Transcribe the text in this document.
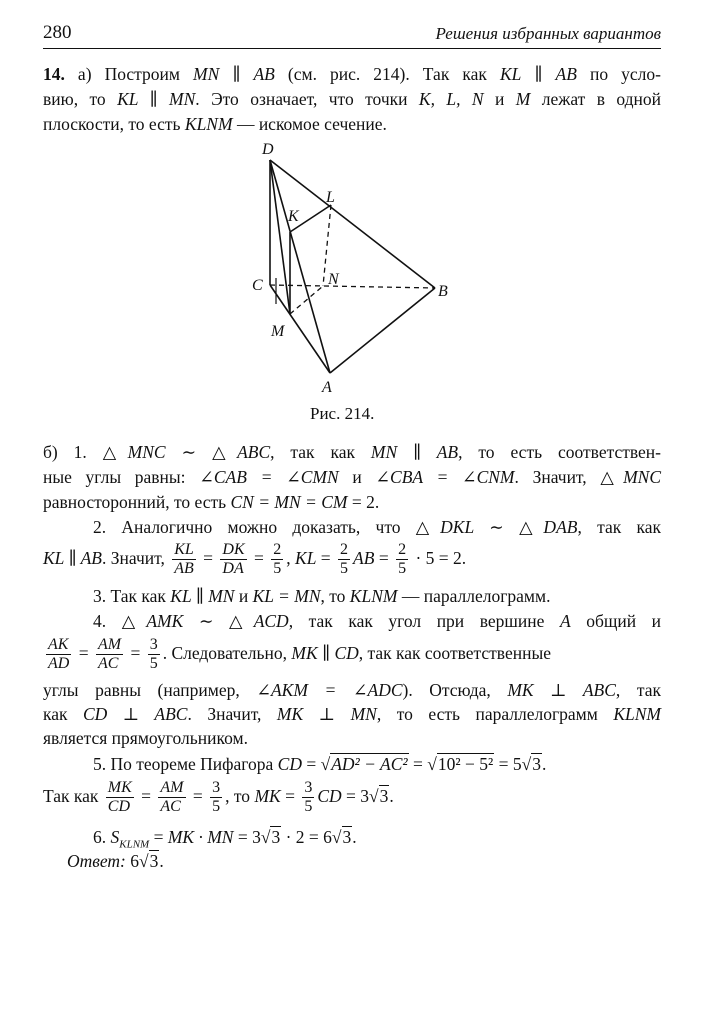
280	Решения избранных вариантов
14. а) Построим MN ∥ AB (см. рис. 214). Так как KL ∥ AB по усло-
вию, то KL ∥ MN. Это означает, что точки K, L, N и M лежат в одной
плоскости, то есть KLNM — искомое сечение.
D
L
K
C	N
B
M
A
Рис. 214.
б) 1. △MNC ∼ △ABC, так как MN ∥ AB, то есть соответствен-
ные углы равны: ∠CAB = ∠CMN и ∠CBA = ∠CNM. Значит, △MNC
равносторонний, то есть CN = MN = CM = 2.
2. Аналогично можно доказать, что △DKL ∼ △DAB, так как
KL ∥ AB. Значит, $\frac{KL}{AB} = \frac{DK}{DA} = \frac{2}{5}$ , KL = $\frac{2}{5}$ AB = $\frac{2}{5} \cdot 5 = 2$.
3. Так как KL ∥ MN и KL = MN, то KLNM — параллелограмм.
4. △AMK ∼ △ACD, так как угол при вершине A общий и
$\frac{AK}{AD} = \frac{AM}{AC} = \frac{3}{5}$ . Следовательно, MK ∥ CD, так как соответственные
углы равны (например, ∠AKM = ∠ADC). Отсюда, MK ⊥ ABC, так
как CD ⊥ ABC. Значит, MK ⊥ MN, то есть параллелограмм KLNM
является прямоугольником.
5. По теореме Пифагора CD = √AD² − AC² = √10² − 5² = 5√3.
Так как $\frac{MK}{CD} = \frac{AM}{AC} = \frac{3}{5}$ , то MK = $\frac{3}{5}$ CD = 3√3.
6. $S_{KLNM}$ = MK · MN = 3√3 · 2 = 6√3.
Ответ: 6√3.
